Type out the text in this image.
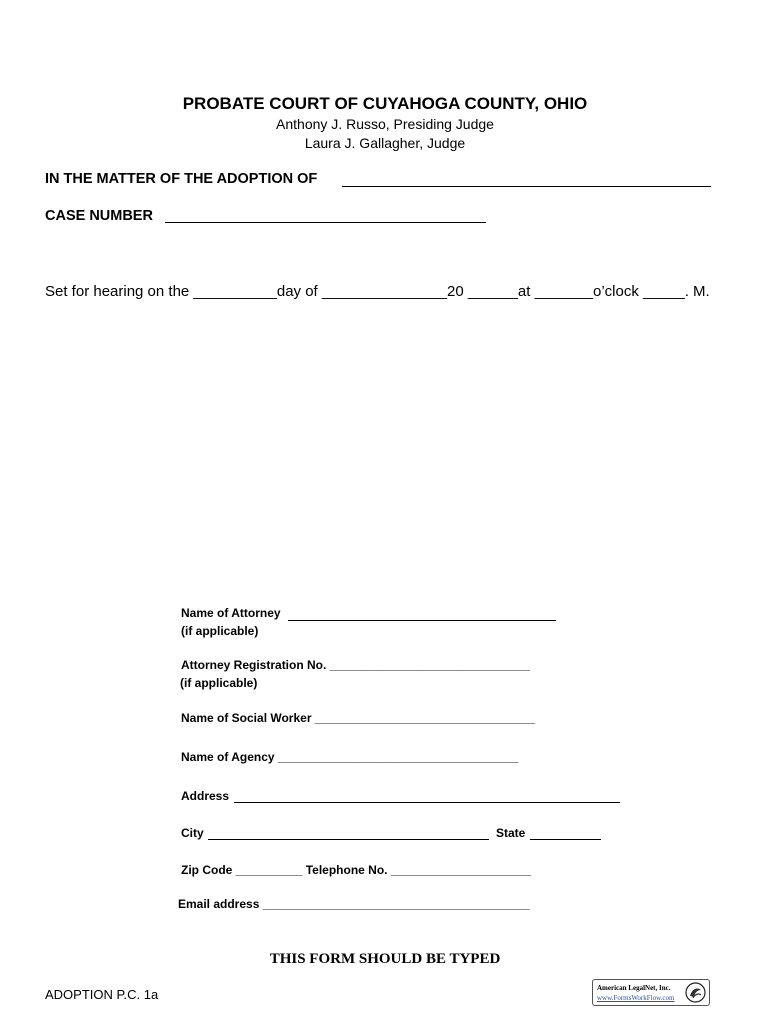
PROBATE COURT OF CUYAHOGA COUNTY, OHIO
Anthony J. Russo, Presiding Judge
Laura J. Gallagher, Judge
IN THE MATTER OF THE ADOPTION OF
CASE NUMBER
Set for hearing on the __________day of _______________20 ______at _______o’clock _____. M.
Name of Attorney
(if applicable)
Attorney Registration No. ______________________________
(if applicable)
Name of Social Worker _________________________________
Name of Agency ____________________________________
Address
City	State
Zip Code __________ Telephone No. _____________________
Email address ________________________________________
THIS FORM SHOULD BE TYPED
ADOPTION P.C. 1a	American LegalNet, Inc.
www.FormsWorkFlow.com
